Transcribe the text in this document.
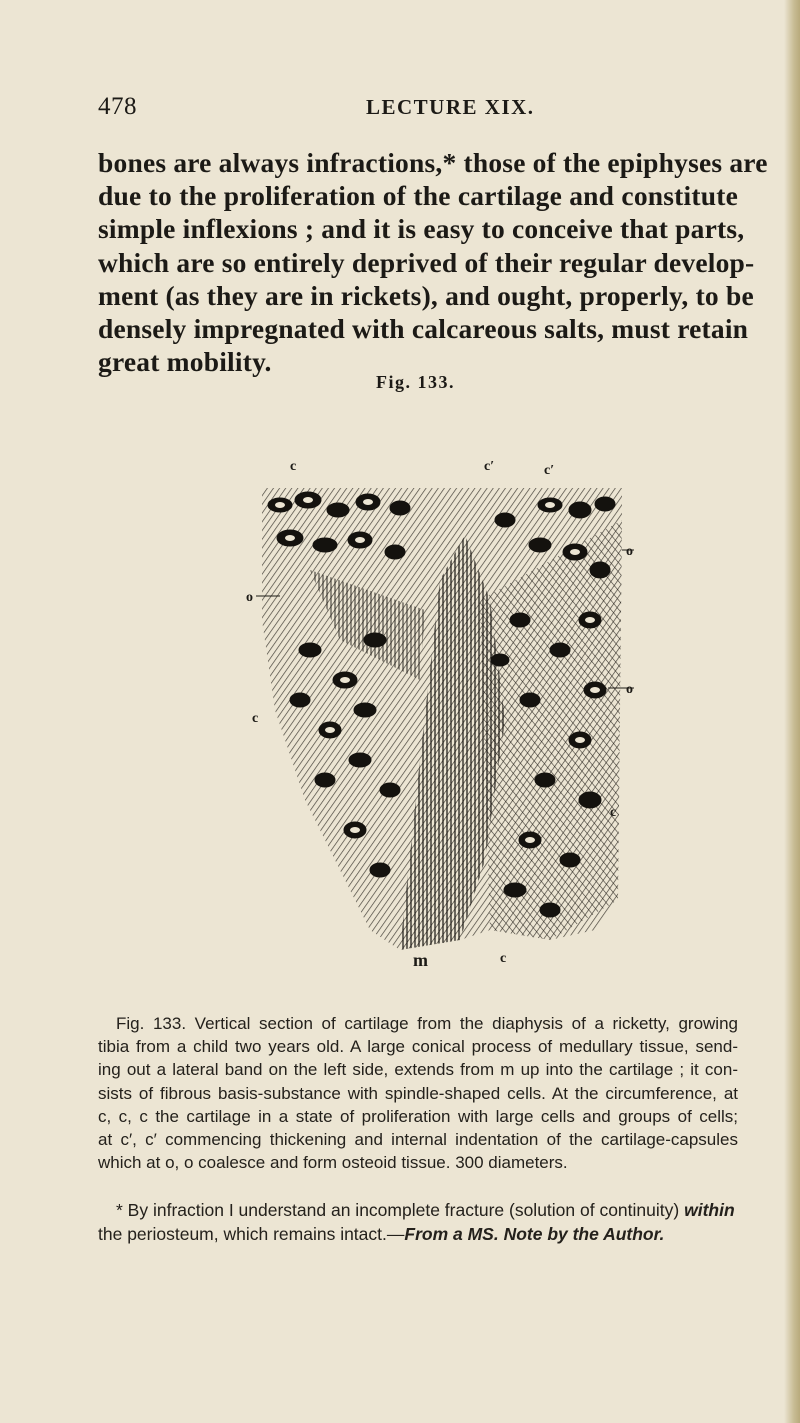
478	LECTURE XIX.
bones are always infractions,* those of the epiphyses are
due to the proliferation of the cartilage and constitute
simple inflexions ; and it is easy to conceive that parts,
which are so entirely deprived of their regular develop-
ment (as they are in rickets), and ought, properly, to be
densely impregnated with calcareous salts, must retain
great mobility.
Fig. 133.
c	c′	c′
o
o
o
c
c
m	c
Fig. 133. Vertical section of cartilage from the diaphysis of a ricketty, growing
tibia from a child two years old. A large conical process of medullary tissue, send-
ing out a lateral band on the left side, extends from m up into the cartilage ; it con-
sists of fibrous basis-substance with spindle-shaped cells. At the circumference, at
c, c, c the cartilage in a state of proliferation with large cells and groups of cells;
at c′, c′ commencing thickening and internal indentation of the cartilage-capsules
which at o, o coalesce and form osteoid tissue. 300 diameters.
* By infraction I understand an incomplete fracture (solution of continuity) within
the periosteum, which remains intact.—From a MS. Note by the Author.
